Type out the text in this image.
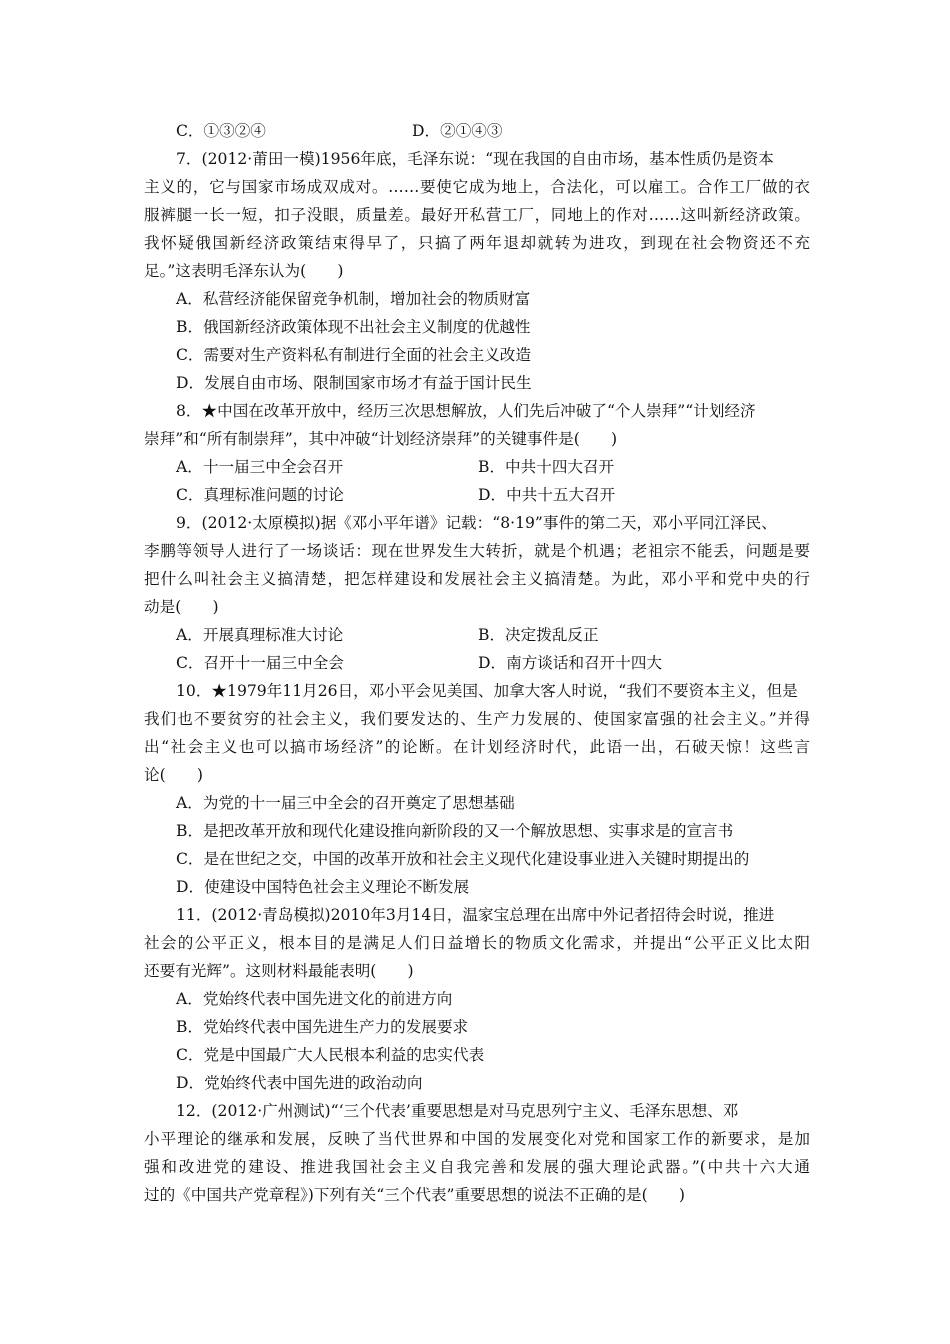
C．①③②④	D．②①④③
7．(2012·莆田一模)1956年底，毛泽东说：“现在我国的自由市场，基本性质仍是资本
主义的，它与国家市场成双成对。……要使它成为地上，合法化，可以雇工。合作工厂做的衣
服裤腿一长一短，扣子没眼，质量差。最好开私营工厂，同地上的作对……这叫新经济政策。
我怀疑俄国新经济政策结束得早了，只搞了两年退却就转为进攻，到现在社会物资还不充
足。”这表明毛泽东认为(　　)
A．私营经济能保留竞争机制，增加社会的物质财富
B．俄国新经济政策体现不出社会主义制度的优越性
C．需要对生产资料私有制进行全面的社会主义改造
D．发展自由市场、限制国家市场才有益于国计民生
8．★中国在改革开放中，经历三次思想解放，人们先后冲破了“个人崇拜”“计划经济
崇拜”和“所有制崇拜”，其中冲破“计划经济崇拜”的关键事件是(　　)
A．十一届三中全会召开	B．中共十四大召开
C．真理标准问题的讨论	D．中共十五大召开
9．(2012·太原模拟)据《邓小平年谱》记载：“8·19”事件的第二天，邓小平同江泽民、
李鹏等领导人进行了一场谈话：现在世界发生大转折，就是个机遇；老祖宗不能丢，问题是要
把什么叫社会主义搞清楚，把怎样建设和发展社会主义搞清楚。为此，邓小平和党中央的行
动是(　　)
A．开展真理标准大讨论	B．决定拨乱反正
C．召开十一届三中全会	D．南方谈话和召开十四大
10．★1979年11月26日，邓小平会见美国、加拿大客人时说，“我们不要资本主义，但是
我们也不要贫穷的社会主义，我们要发达的、生产力发展的、使国家富强的社会主义。”并得
出“社会主义也可以搞市场经济”的论断。在计划经济时代，此语一出，石破天惊！这些言
论(　　)
A．为党的十一届三中全会的召开奠定了思想基础
B．是把改革开放和现代化建设推向新阶段的又一个解放思想、实事求是的宣言书
C．是在世纪之交，中国的改革开放和社会主义现代化建设事业进入关键时期提出的
D．使建设中国特色社会主义理论不断发展
11．(2012·青岛模拟)2010年3月14日，温家宝总理在出席中外记者招待会时说，推进
社会的公平正义，根本目的是满足人们日益增长的物质文化需求，并提出“公平正义比太阳
还要有光辉”。这则材料最能表明(　　)
A．党始终代表中国先进文化的前进方向
B．党始终代表中国先进生产力的发展要求
C．党是中国最广大人民根本利益的忠实代表
D．党始终代表中国先进的政治动向
12．(2012·广州测试)“‘三个代表’重要思想是对马克思列宁主义、毛泽东思想、邓
小平理论的继承和发展，反映了当代世界和中国的发展变化对党和国家工作的新要求，是加
强和改进党的建设、推进我国社会主义自我完善和发展的强大理论武器。”(中共十六大通
过的《中国共产党章程》)下列有关“三个代表”重要思想的说法不正确的是(　　)
